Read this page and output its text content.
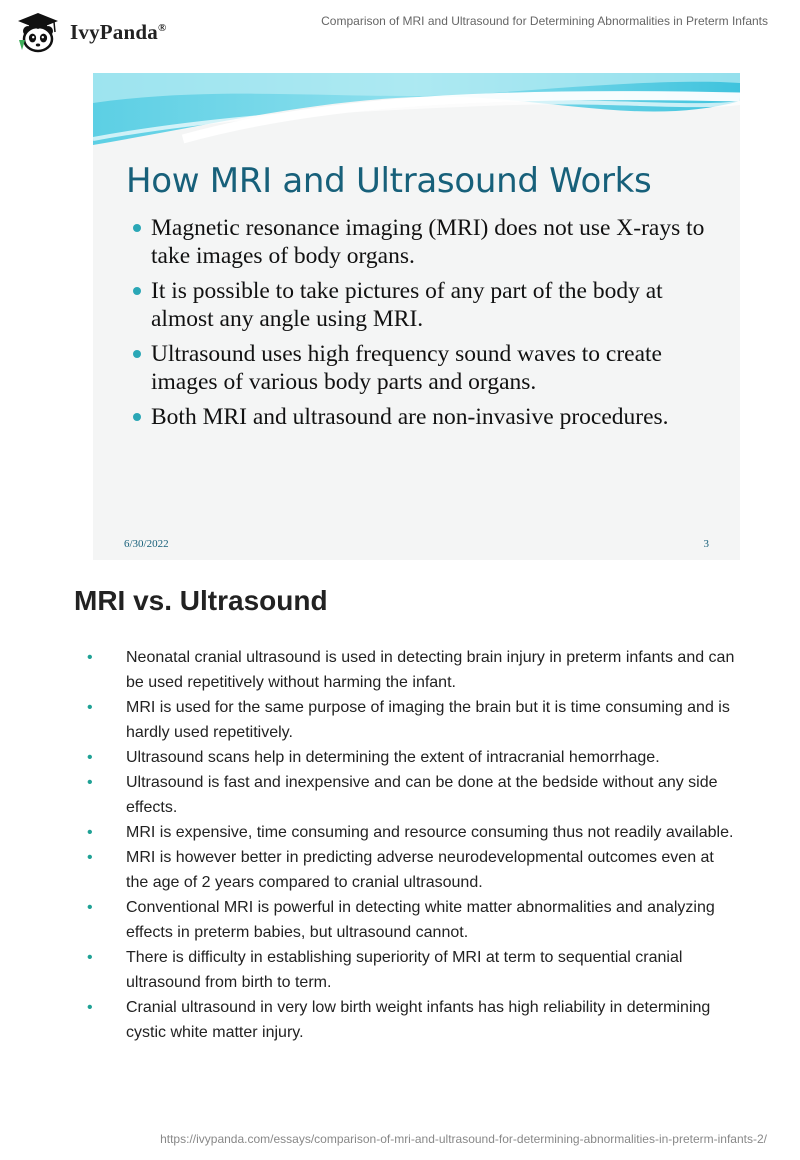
IvyPanda®	Comparison of MRI and Ultrasound for Determining Abnormalities in Preterm Infants
How MRI and Ultrasound Works
Magnetic resonance imaging (MRI) does not use X-rays to take images of body organs.
It is possible to take pictures of any part of the body at almost any angle using MRI.
Ultrasound uses high frequency sound waves to create images of various body parts and organs.
Both MRI and ultrasound are non-invasive procedures.
6/30/2022	3
MRI vs. Ultrasound
• Neonatal cranial ultrasound is used in detecting brain injury in preterm infants and can be used repetitively without harming the infant.
• MRI is used for the same purpose of imaging the brain but it is time consuming and is hardly used repetitively.
• Ultrasound scans help in determining the extent of intracranial hemorrhage.
• Ultrasound is fast and inexpensive and can be done at the bedside without any side effects.
• MRI is expensive, time consuming and resource consuming thus not readily available.
• MRI is however better in predicting adverse neurodevelopmental outcomes even at the age of 2 years compared to cranial ultrasound.
• Conventional MRI is powerful in detecting white matter abnormalities and analyzing effects in preterm babies, but ultrasound cannot.
• There is difficulty in establishing superiority of MRI at term to sequential cranial ultrasound from birth to term.
• Cranial ultrasound in very low birth weight infants has high reliability in determining cystic white matter injury.
https://ivypanda.com/essays/comparison-of-mri-and-ultrasound-for-determining-abnormalities-in-preterm-infants-2/
